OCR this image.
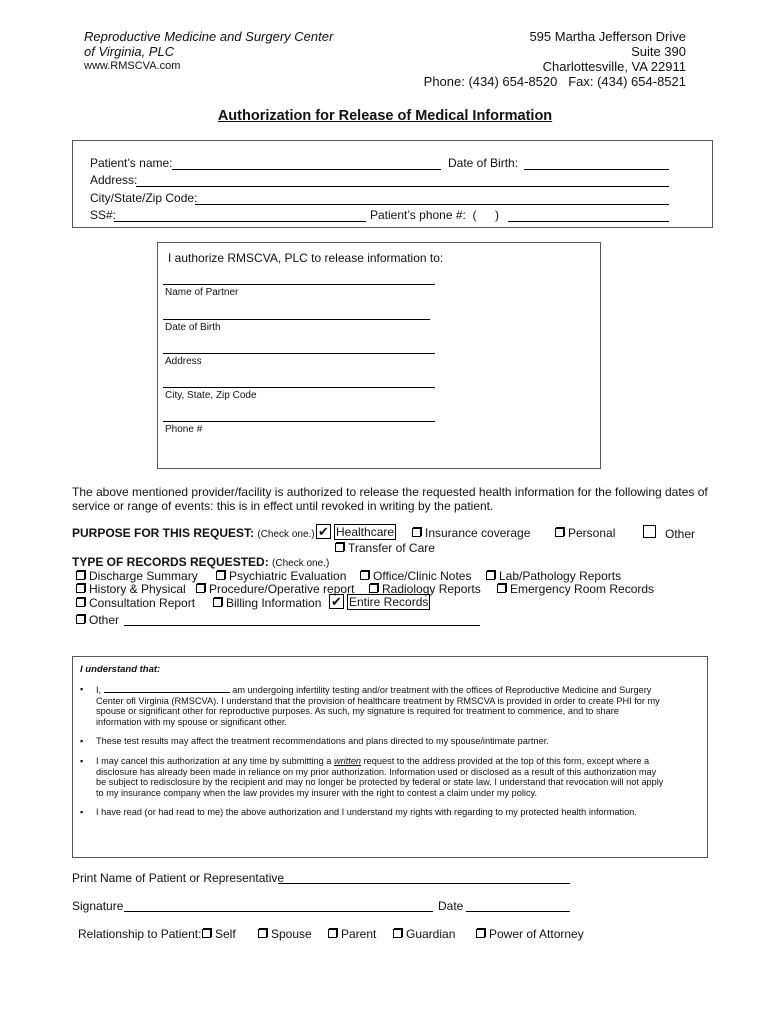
Reproductive Medicine and Surgery Center
of Virginia, PLC
www.RMSCVA.com
595 Martha Jefferson Drive
Suite 390
Charlottesville, VA 22911
Phone: (434) 654-8520   Fax: (434) 654-8521
Authorization for Release of Medical Information
Patient’s name:	Date of Birth:
Address:
City/State/Zip Code:
SS#:	Patient’s phone #:  ( )
I authorize RMSCVA, PLC to release information to:
Name of Partner
Date of Birth
Address
City, State, Zip Code
Phone #
The above mentioned provider/facility is authorized to release the requested health information for the following dates of service or range of events: this is in effect until revoked in writing by the patient.
PURPOSE FOR THIS REQUEST: (Check one.) ✔ Healthcare	Insurance coverage	Personal	Other
Transfer of Care
TYPE OF RECORDS REQUESTED: (Check one.)
Discharge Summary	Psychiatric Evaluation	Office/Clinic Notes	Lab/Pathology Reports
History & Physical	Procedure/Operative report	Radiology Reports	Emergency Room Records
Consultation Report	Billing Information ✔ Entire Records
Other
I understand that:
▪ I,	am undergoing infertility testing and/or treatment with the offices of Reproductive Medicine and Surgery Center ofl Virginia (RMSCVA). I understand that the provision of healthcare treatment by RMSCVA is provided in order to create PHI for my spouse or significant other for reproductive purposes. As such, my signature is required for treatment to commence, and to share information with my spouse or significant other.
▪ These test results may affect the treatment recommendations and plans directed to my spouse/intimate partner.
▪ I may cancel this authorization at any time by submitting a written request to the address provided at the top of this form, except where a disclosure has already been made in reliance on my prior authorization. Information used or disclosed as a result of this authorization may be subject to redisclosure by the recipient and may no longer be protected by federal or state law. I understand that revocation will not apply to my insurance company when the law provides my insurer with the right to contest a claim under my policy.
▪ I have read (or had read to me) the above authorization and I understand my rights with regarding to my protected health information.
Print Name of Patient or Representative
Signature	Date
Relationship to Patient:	Self	Spouse	Parent	Guardian	Power of Attorney
